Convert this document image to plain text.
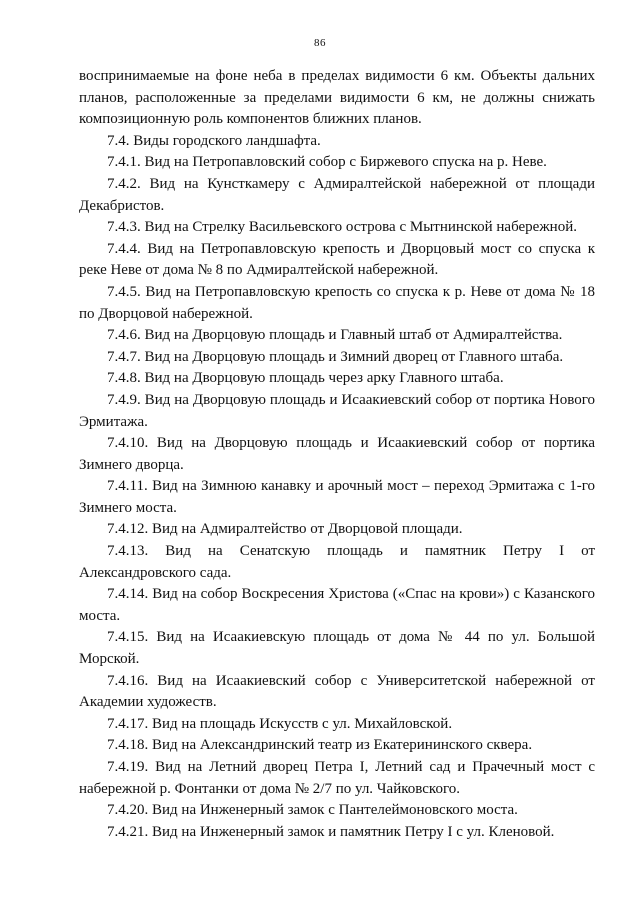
86

воспринимаемые на фоне неба в пределах видимости 6 км. Объекты дальних планов, расположенные за пределами видимости 6 км, не должны снижать композиционную роль компонентов ближних планов.

7.4. Виды городского ландшафта.

7.4.1. Вид на Петропавловский собор с Биржевого спуска на р. Неве.

7.4.2. Вид на Кунсткамеру с Адмиралтейской набережной от площади Декабристов.

7.4.3. Вид на Стрелку Васильевского острова с Мытнинской набережной.

7.4.4. Вид на Петропавловскую крепость и Дворцовый мост со спуска к реке Неве от дома № 8 по Адмиралтейской набережной.

7.4.5. Вид на Петропавловскую крепость со спуска к р. Неве от дома № 18 по Дворцовой набережной.

7.4.6. Вид на Дворцовую площадь и Главный штаб от Адмиралтейства.

7.4.7. Вид на Дворцовую площадь и Зимний дворец от Главного штаба.

7.4.8. Вид на Дворцовую площадь через арку Главного штаба.

7.4.9. Вид на Дворцовую площадь и Исаакиевский собор от портика Нового Эрмитажа.

7.4.10. Вид на Дворцовую площадь и Исаакиевский собор от портика Зимнего дворца.

7.4.11. Вид на Зимнюю канавку и арочный мост – переход Эрмитажа с 1-го Зимнего моста.

7.4.12. Вид на Адмиралтейство от Дворцовой площади.

7.4.13. Вид на Сенатскую площадь и памятник Петру I от Александровского сада.

7.4.14. Вид на собор Воскресения Христова («Спас на крови») с Казанского моста.

7.4.15. Вид на Исаакиевскую площадь от дома № 44 по ул. Большой Морской.

7.4.16. Вид на Исаакиевский собор с Университетской набережной от Академии художеств.

7.4.17. Вид на площадь Искусств с ул. Михайловской.

7.4.18. Вид на Александринский театр из Екатерининского сквера.

7.4.19. Вид на Летний дворец Петра I, Летний сад и Прачечный мост с набережной р. Фонтанки от дома № 2/7 по ул. Чайковского.

7.4.20. Вид на Инженерный замок с Пантелеймоновского моста.

7.4.21. Вид на Инженерный замок и памятник Петру I с ул. Кленовой.
